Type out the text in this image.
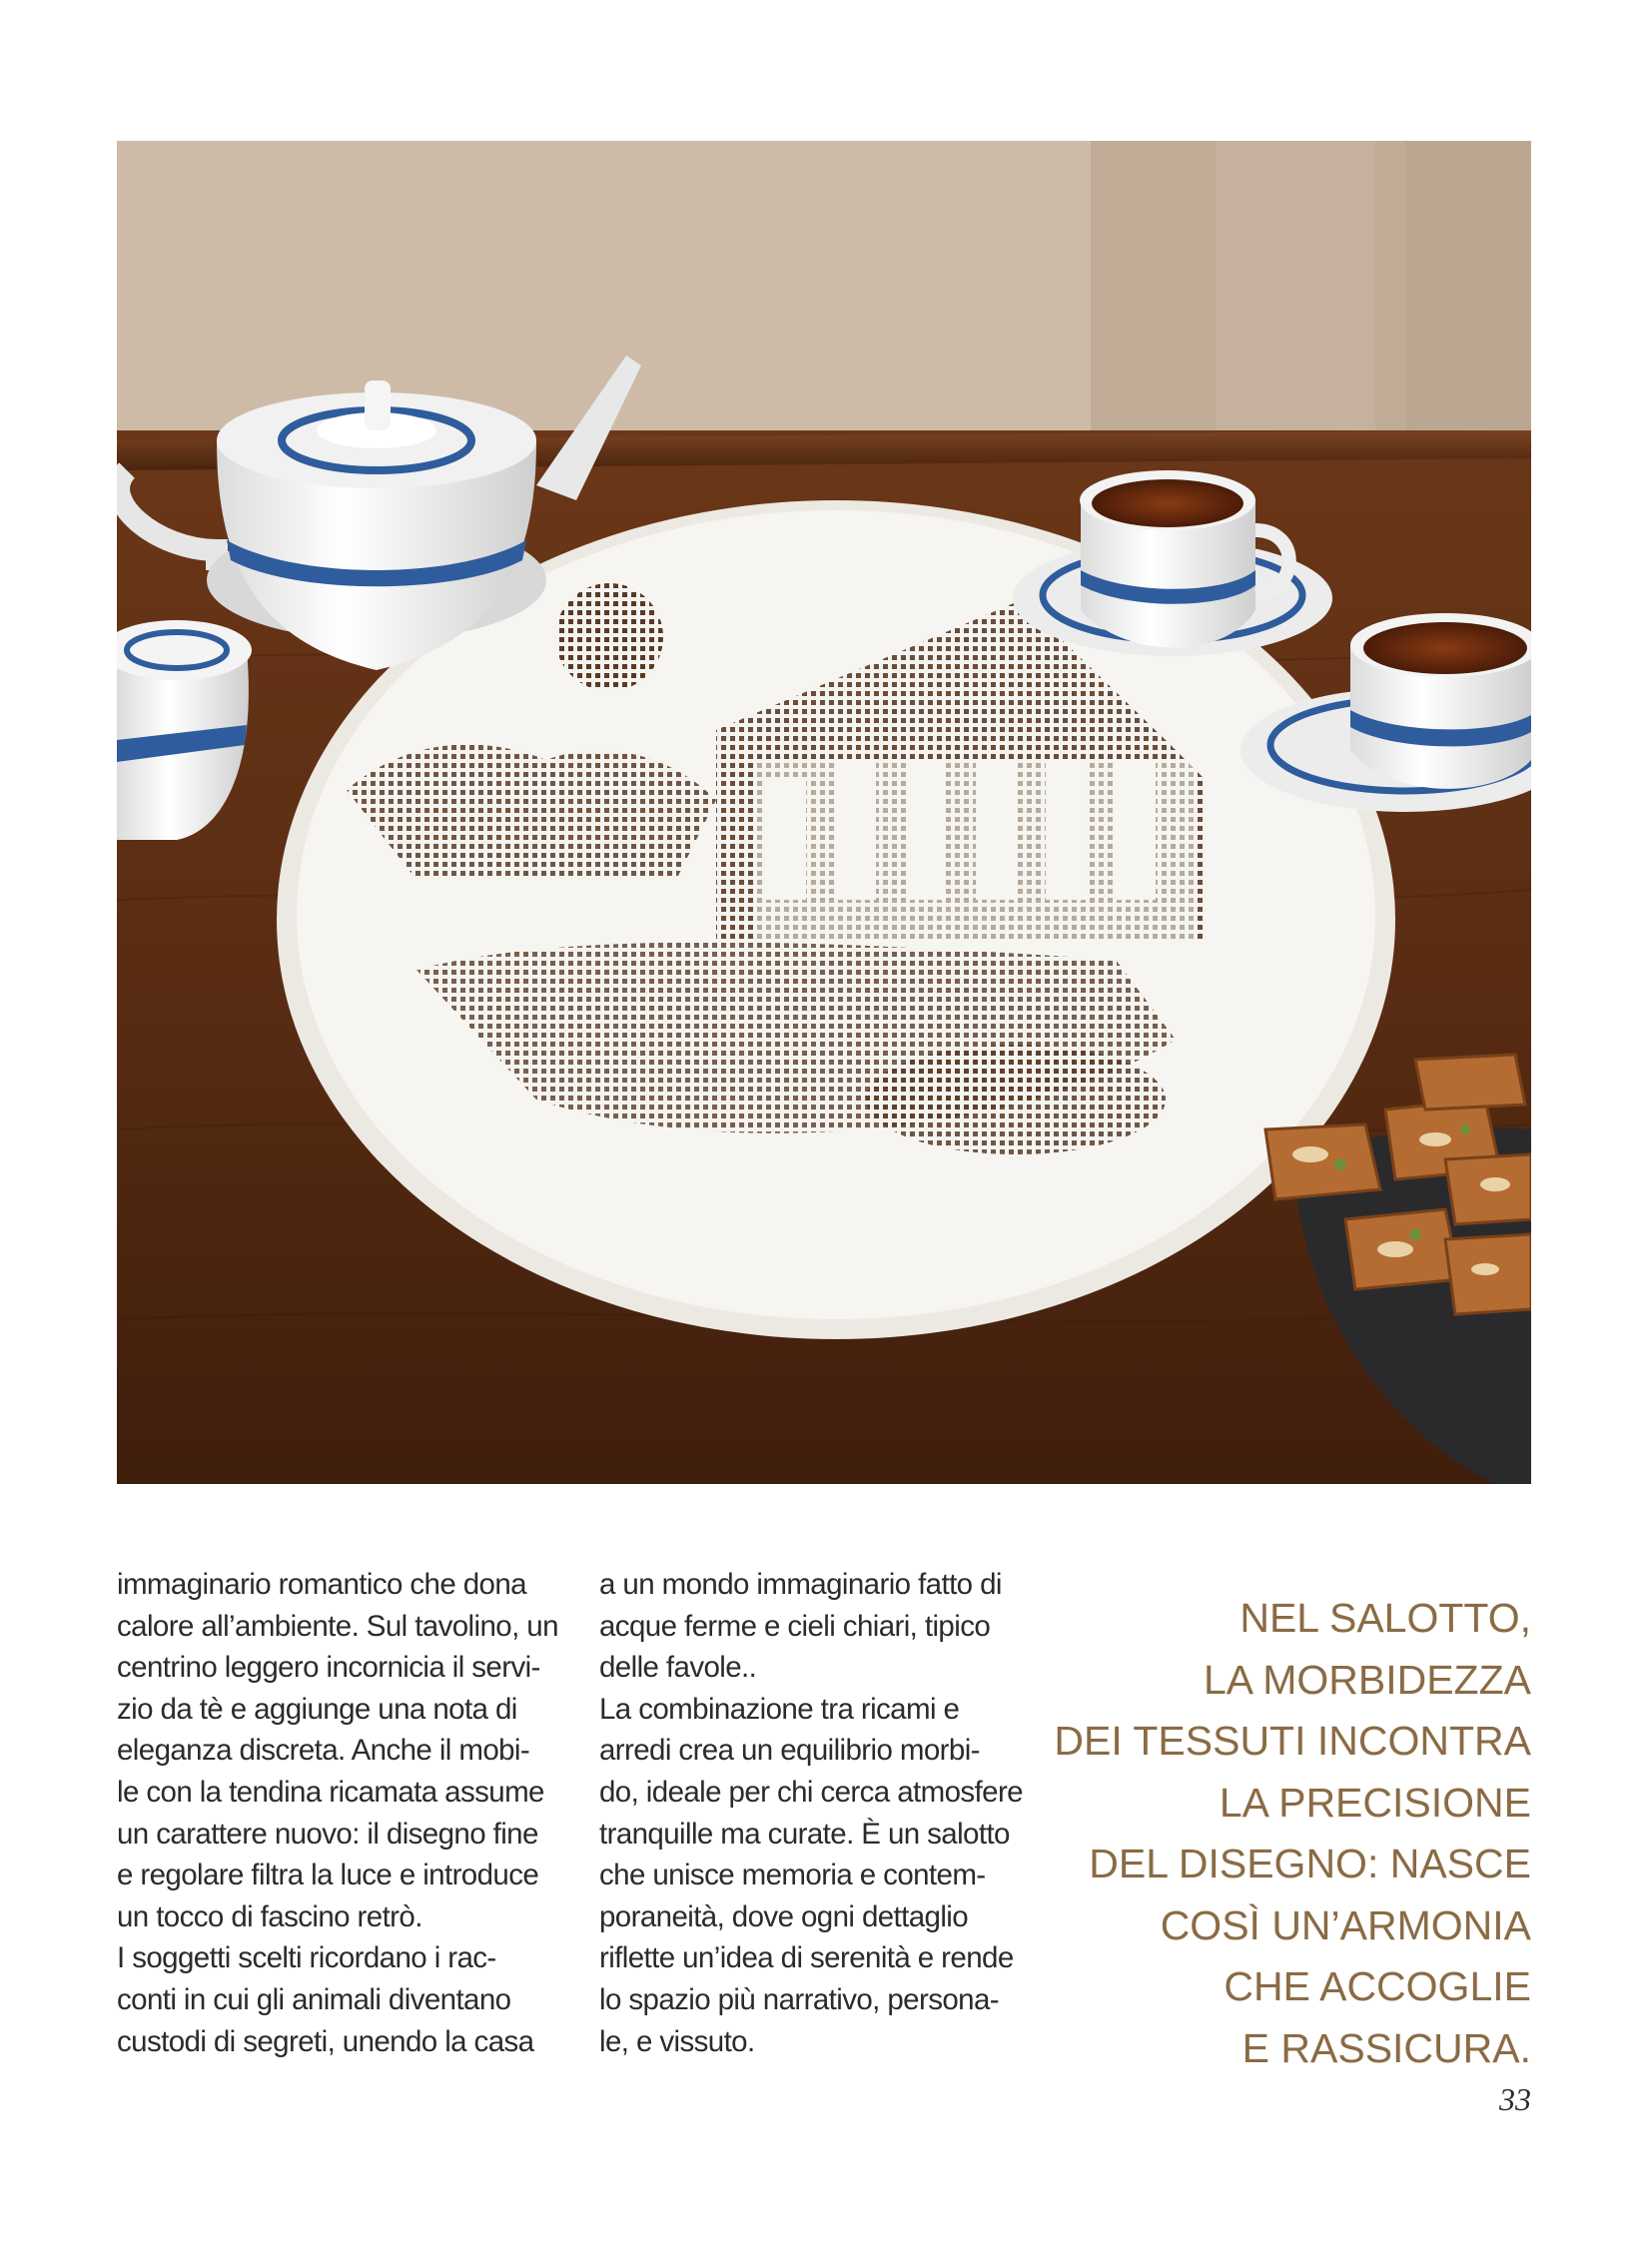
immaginario romantico che dona
calore all’ambiente. Sul tavolino, un
centrino leggero incornicia il servi-
zio da tè e aggiunge una nota di
eleganza discreta. Anche il mobi-
le con la tendina ricamata assume
un carattere nuovo: il disegno fine
e regolare filtra la luce e introduce
un tocco di fascino retrò.
I soggetti scelti ricordano i rac-
conti in cui gli animali diventano
custodi di segreti, unendo la casa
a un mondo immaginario fatto di
acque ferme e cieli chiari, tipico
delle favole..
La combinazione tra ricami e
arredi crea un equilibrio morbi-
do, ideale per chi cerca atmosfere
tranquille ma curate. È un salotto
che unisce memoria e contem-
poraneità, dove ogni dettaglio
riflette un’idea di serenità e rende
lo spazio più narrativo, persona-
le, e vissuto.
NEL SALOTTO,
LA MORBIDEZZA
DEI TESSUTI INCONTRA
LA PRECISIONE
DEL DISEGNO: NASCE
COSÌ UN’ARMONIA
CHE ACCOGLIE
E RASSICURA.
33
